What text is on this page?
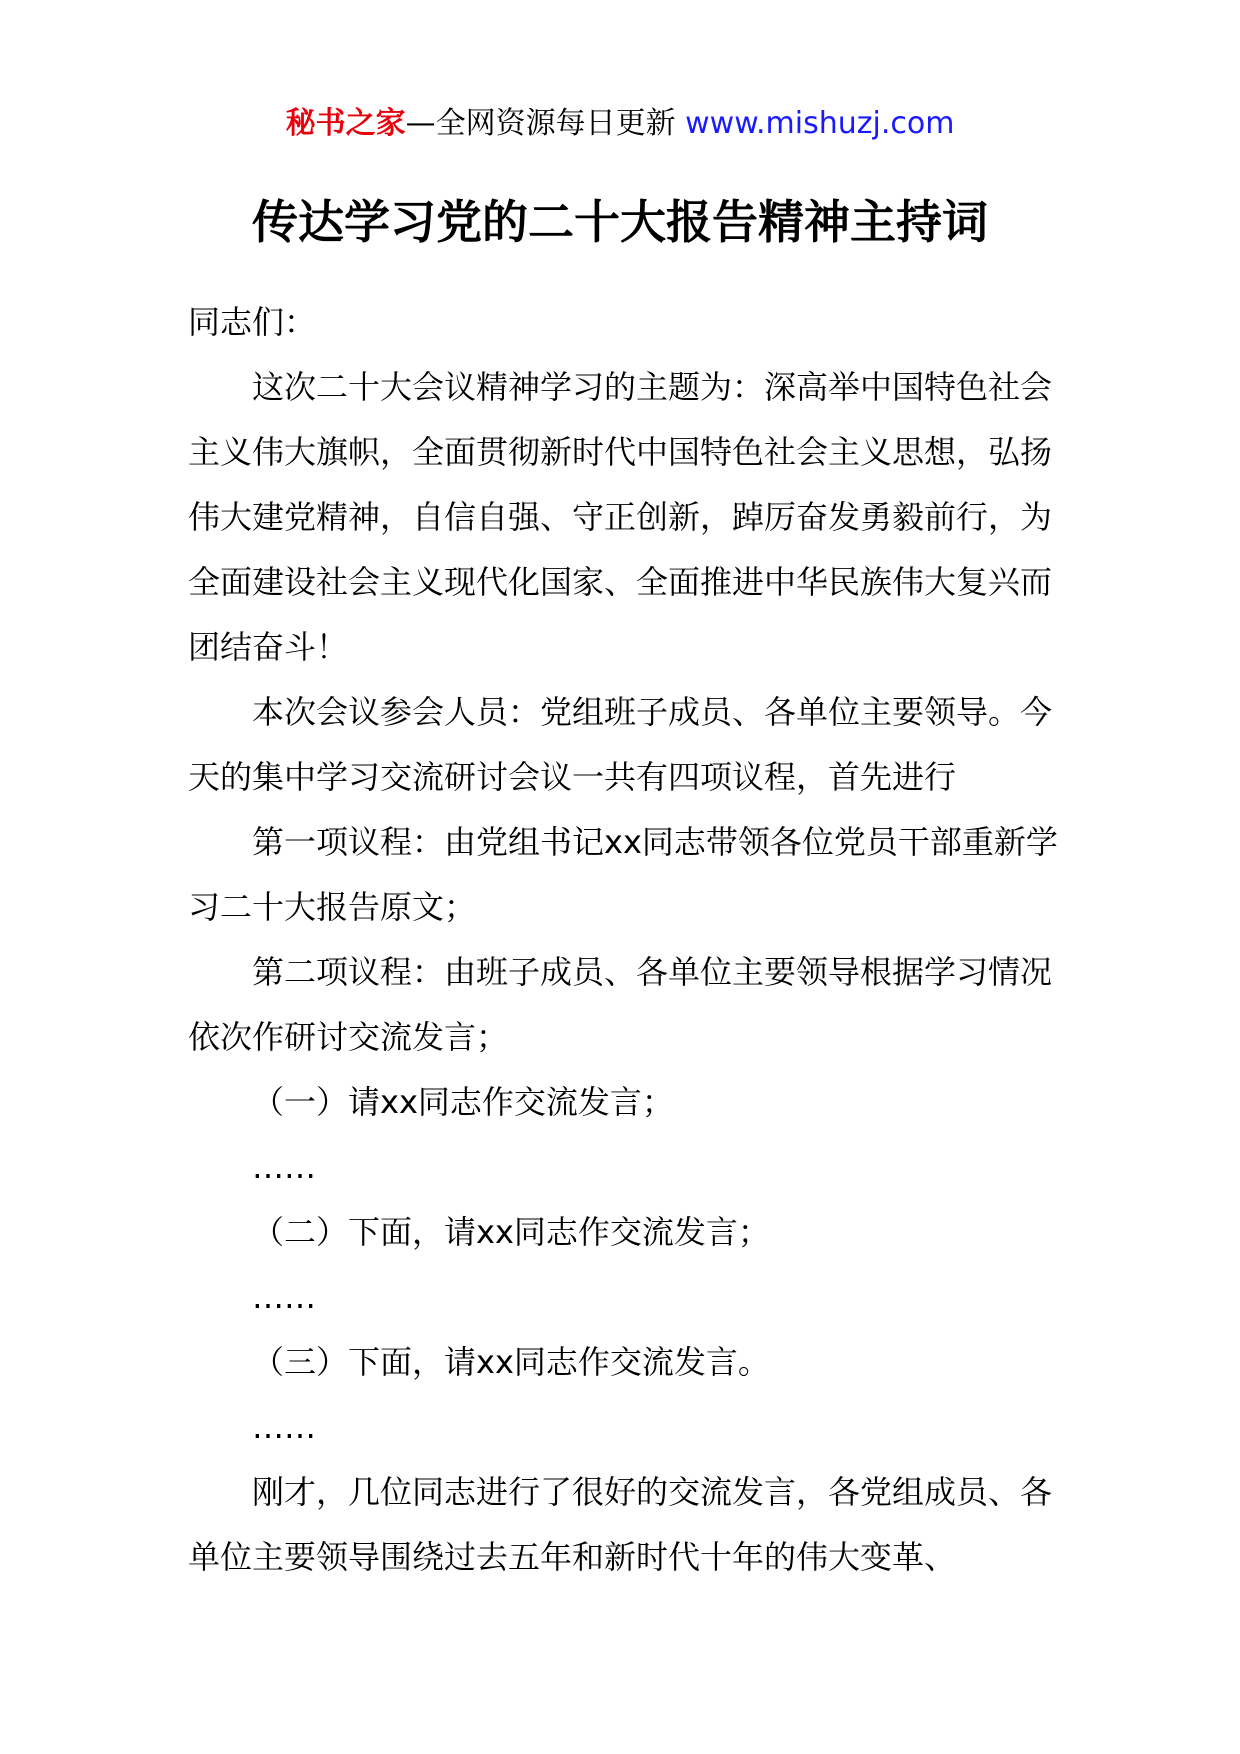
秘书之家—全网资源每日更新 www.mishuzj.com
传达学习党的二十大报告精神主持词

同志们：

这次二十大会议精神学习的主题为：深高举中国特色社会主义伟大旗帜，全面贯彻新时代中国特色社会主义思想，弘扬伟大建党精神，自信自强、守正创新，踔厉奋发勇毅前行，为全面建设社会主义现代化国家、全面推进中华民族伟大复兴而团结奋斗！

本次会议参会人员：党组班子成员、各单位主要领导。今天的集中学习交流研讨会议一共有四项议程，首先进行

第一项议程：由党组书记xx同志带领各位党员干部重新学习二十大报告原文；

第二项议程：由班子成员、各单位主要领导根据学习情况依次作研讨交流发言；

（一）请xx同志作交流发言；

……

（二）下面，请xx同志作交流发言；

……

（三）下面，请xx同志作交流发言。

……

刚才，几位同志进行了很好的交流发言，各党组成员、各单位主要领导围绕过去五年和新时代十年的伟大变革、
